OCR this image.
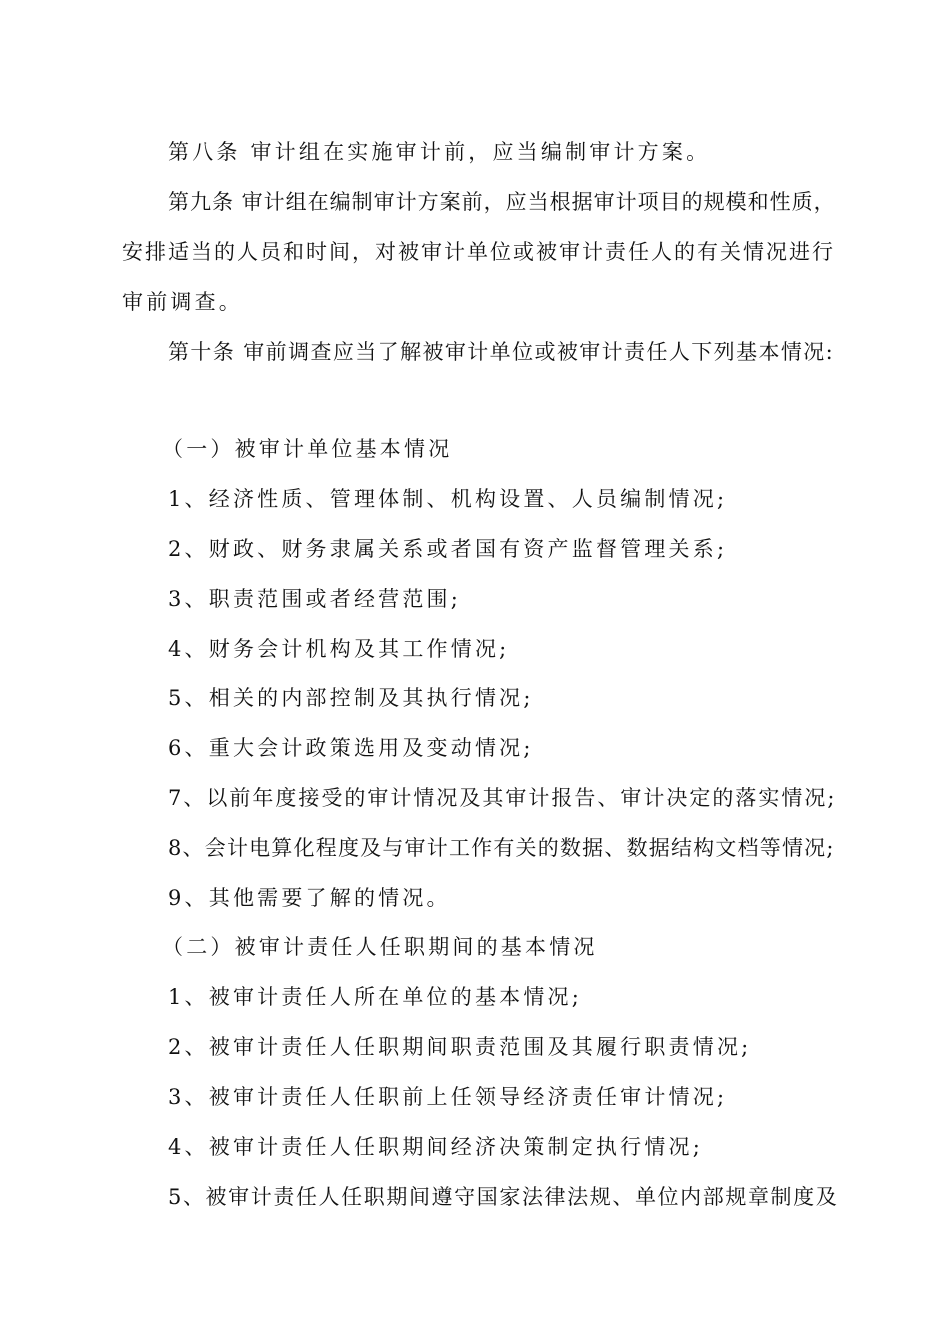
第八条 审计组在实施审计前，应当编制审计方案。
第九条 审计组在编制审计方案前，应当根据审计项目的规模和性质，
安排适当的人员和时间，对被审计单位或被审计责任人的有关情况进行
审前调查。
第十条 审前调查应当了解被审计单位或被审计责任人下列基本情况:
（一）被审计单位基本情况
1、经济性质、管理体制、机构设置、人员编制情况;
2、财政、财务隶属关系或者国有资产监督管理关系;
3、职责范围或者经营范围;
4、财务会计机构及其工作情况;
5、相关的内部控制及其执行情况;
6、重大会计政策选用及变动情况;
7、以前年度接受的审计情况及其审计报告、审计决定的落实情况;
8、会计电算化程度及与审计工作有关的数据、数据结构文档等情况;
9、其他需要了解的情况。
（二）被审计责任人任职期间的基本情况
1、被审计责任人所在单位的基本情况;
2、被审计责任人任职期间职责范围及其履行职责情况;
3、被审计责任人任职前上任领导经济责任审计情况;
4、被审计责任人任职期间经济决策制定执行情况;
5、被审计责任人任职期间遵守国家法律法规、单位内部规章制度及
